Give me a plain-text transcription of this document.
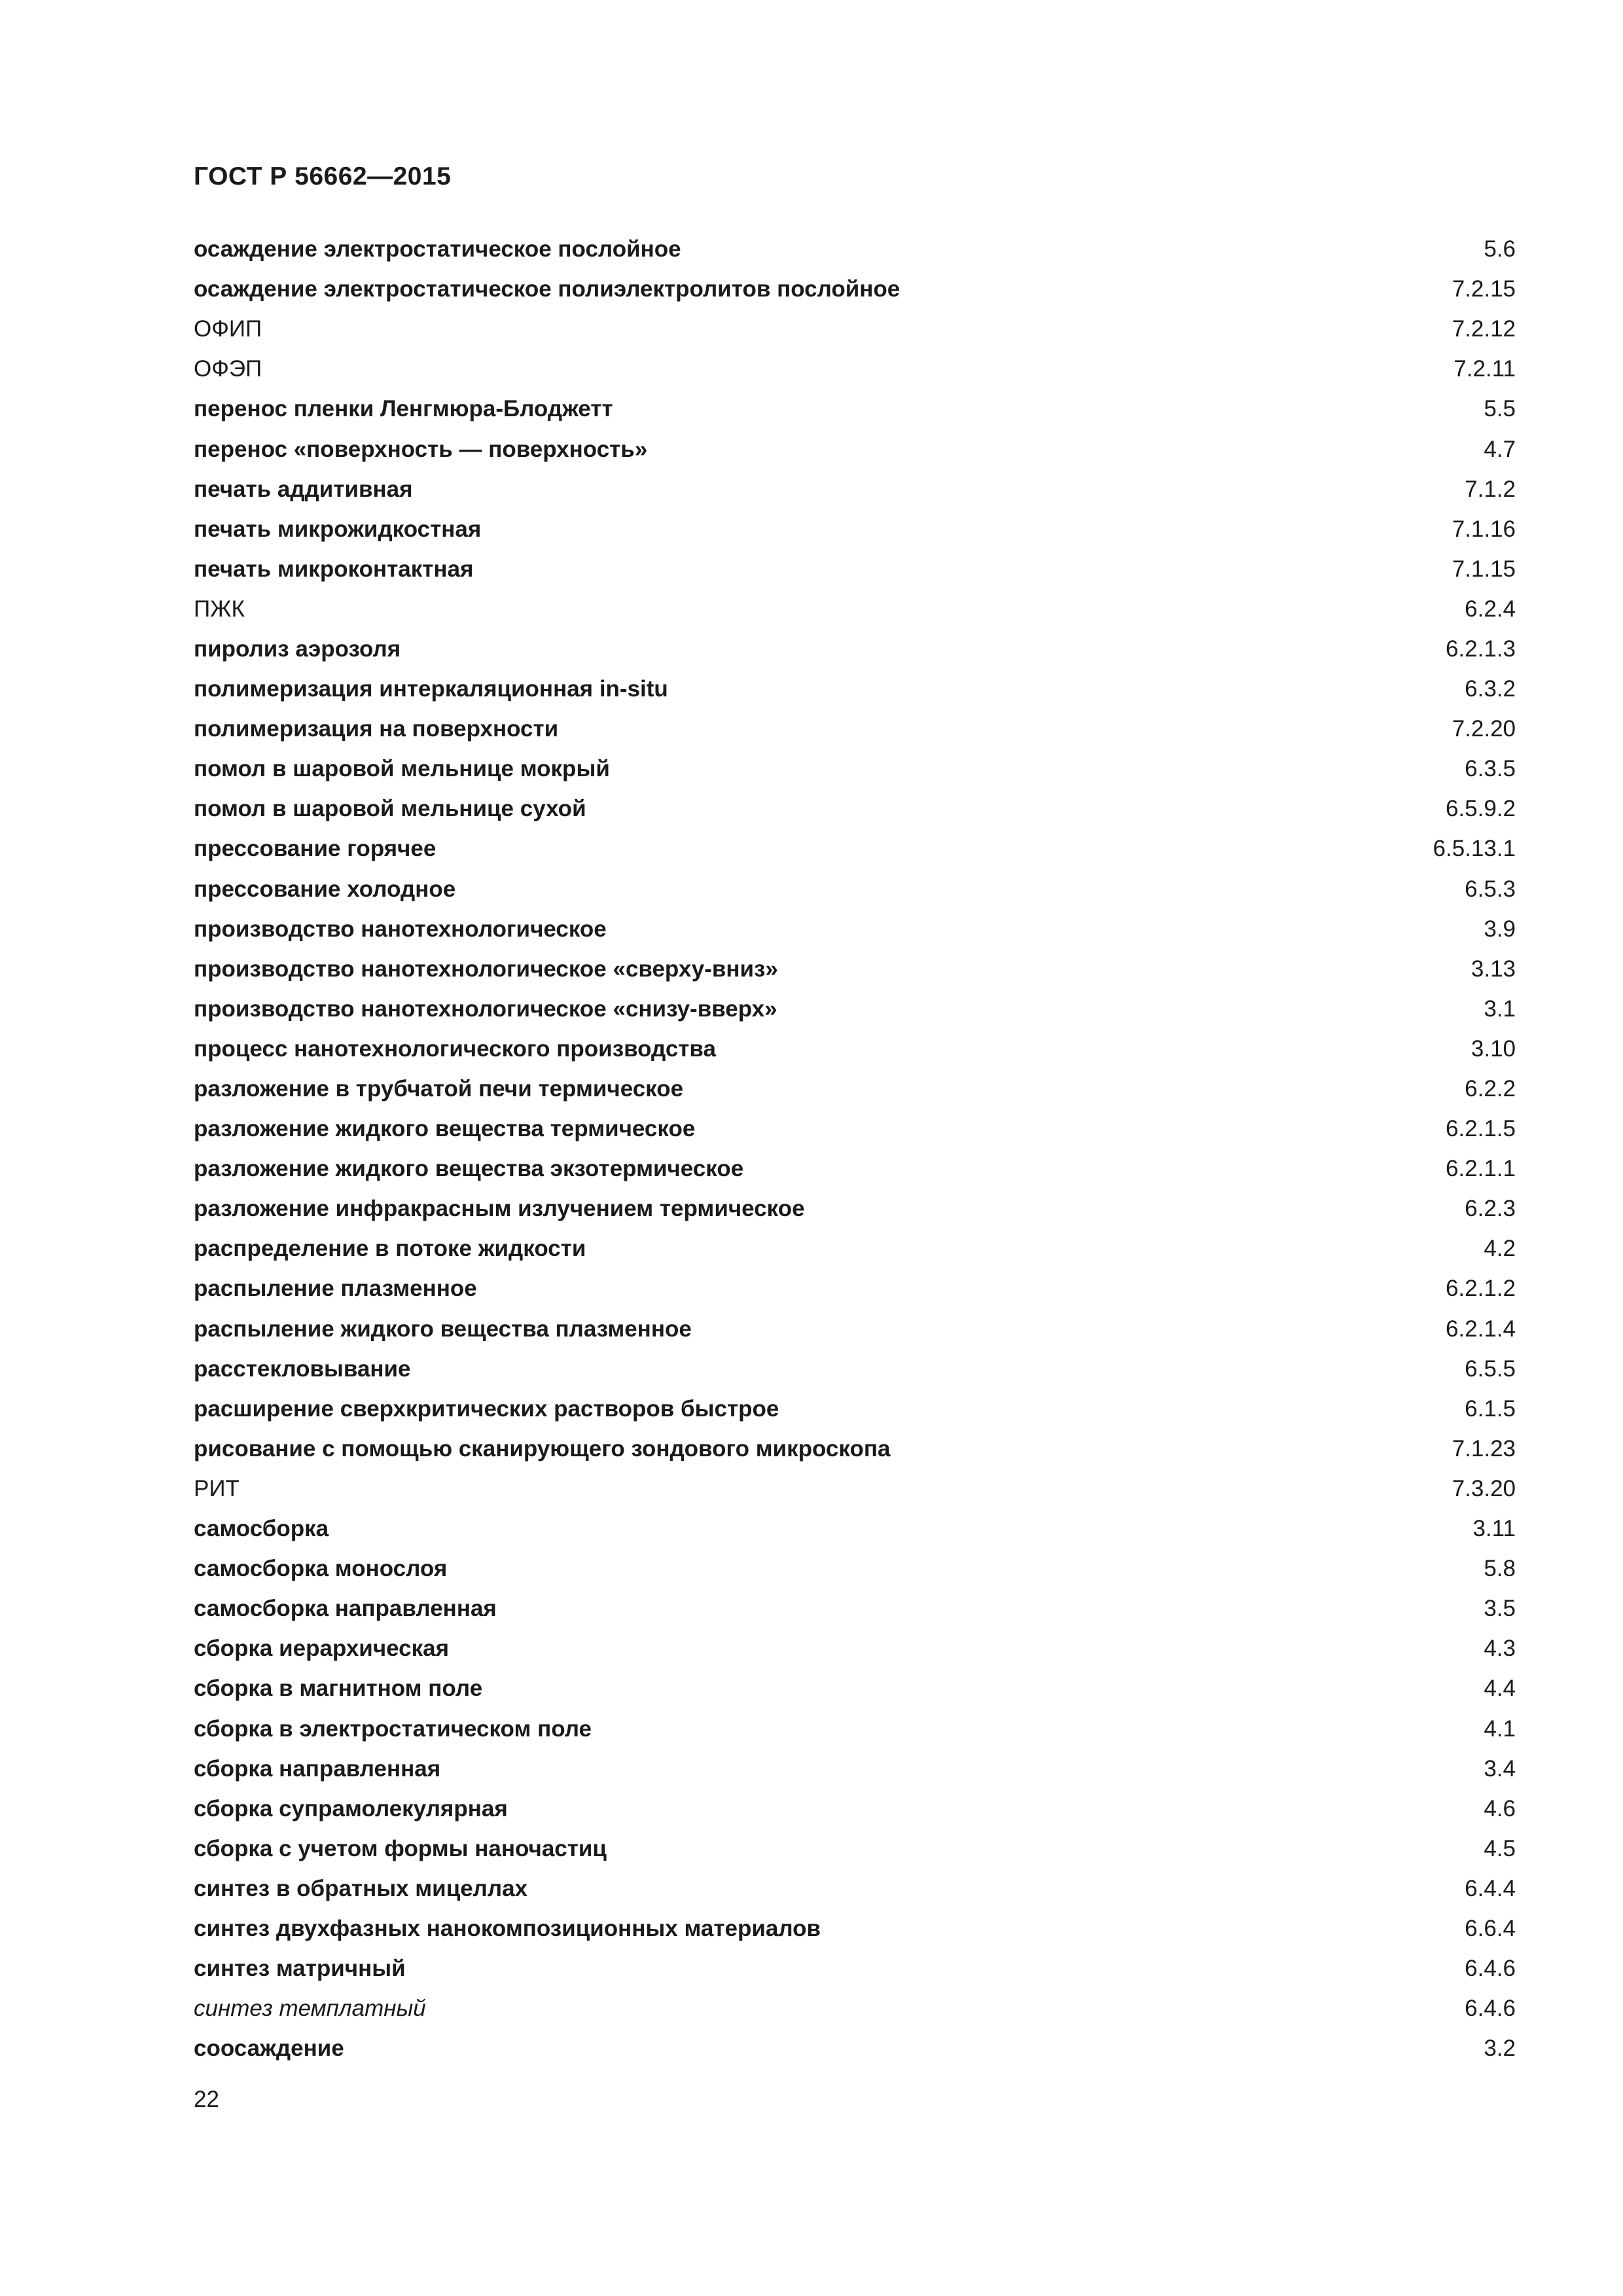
ГОСТ Р 56662—2015
осаждение электростатическое послойное	5.6
осаждение электростатическое полиэлектролитов послойное	7.2.15
ОФИП	7.2.12
ОФЭП	7.2.11
перенос пленки Ленгмюра-Блоджетт	5.5
перенос «поверхность — поверхность»	4.7
печать аддитивная	7.1.2
печать микрожидкостная	7.1.16
печать микроконтактная	7.1.15
ПЖК	6.2.4
пиролиз аэрозоля	6.2.1.3
полимеризация интеркаляционная in-situ	6.3.2
полимеризация на поверхности	7.2.20
помол в шаровой мельнице мокрый	6.3.5
помол в шаровой мельнице сухой	6.5.9.2
прессование горячее	6.5.13.1
прессование холодное	6.5.3
производство нанотехнологическое	3.9
производство нанотехнологическое «сверху-вниз»	3.13
производство нанотехнологическое «снизу-вверх»	3.1
процесс нанотехнологического производства	3.10
разложение в трубчатой печи термическое	6.2.2
разложение жидкого вещества термическое	6.2.1.5
разложение жидкого вещества экзотермическое	6.2.1.1
разложение инфракрасным излучением термическое	6.2.3
распределение в потоке жидкости	4.2
распыление плазменное	6.2.1.2
распыление жидкого вещества плазменное	6.2.1.4
расстекловывание	6.5.5
расширение сверхкритических растворов быстрое	6.1.5
рисование с помощью сканирующего зондового микроскопа	7.1.23
РИТ	7.3.20
самосборка	3.11
самосборка монослоя	5.8
самосборка направленная	3.5
сборка иерархическая	4.3
сборка в магнитном поле	4.4
сборка в электростатическом поле	4.1
сборка направленная	3.4
сборка супрамолекулярная	4.6
сборка с учетом формы наночастиц	4.5
синтез в обратных мицеллах	6.4.4
синтез двухфазных нанокомпозиционных материалов	6.6.4
синтез матричный	6.4.6
синтез темплатный	6.4.6
соосаждение	3.2
22
